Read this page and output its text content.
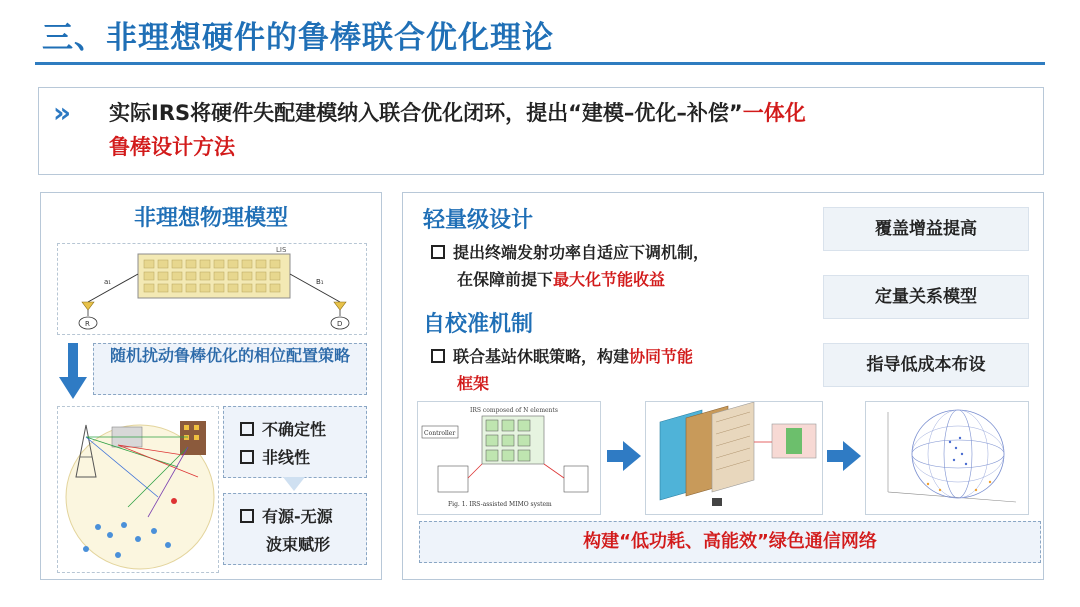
三、非理想硬件的鲁棒联合优化理论
» 实际IRS将硬件失配建模纳入联合优化闭环，提出“建模–优化–补偿”一体化
鲁棒设计方法
非理想物理模型
LIS
a₁	B₁
R	D
随机扰动鲁棒优化的相位配置策略
不确定性
非线性
有源-无源
波束赋形
轻量级设计
提出终端发射功率自适应下调机制，
在保障前提下最大化节能收益
自校准机制
联合基站休眠策略，构建协同节能
框架
覆盖增益提高
定量关系模型
指导低成本布设
IRS composed of N elements
Controller
Fig. 1. IRS-assisted MIMO system
构建“低功耗、高能效”绿色通信网络
